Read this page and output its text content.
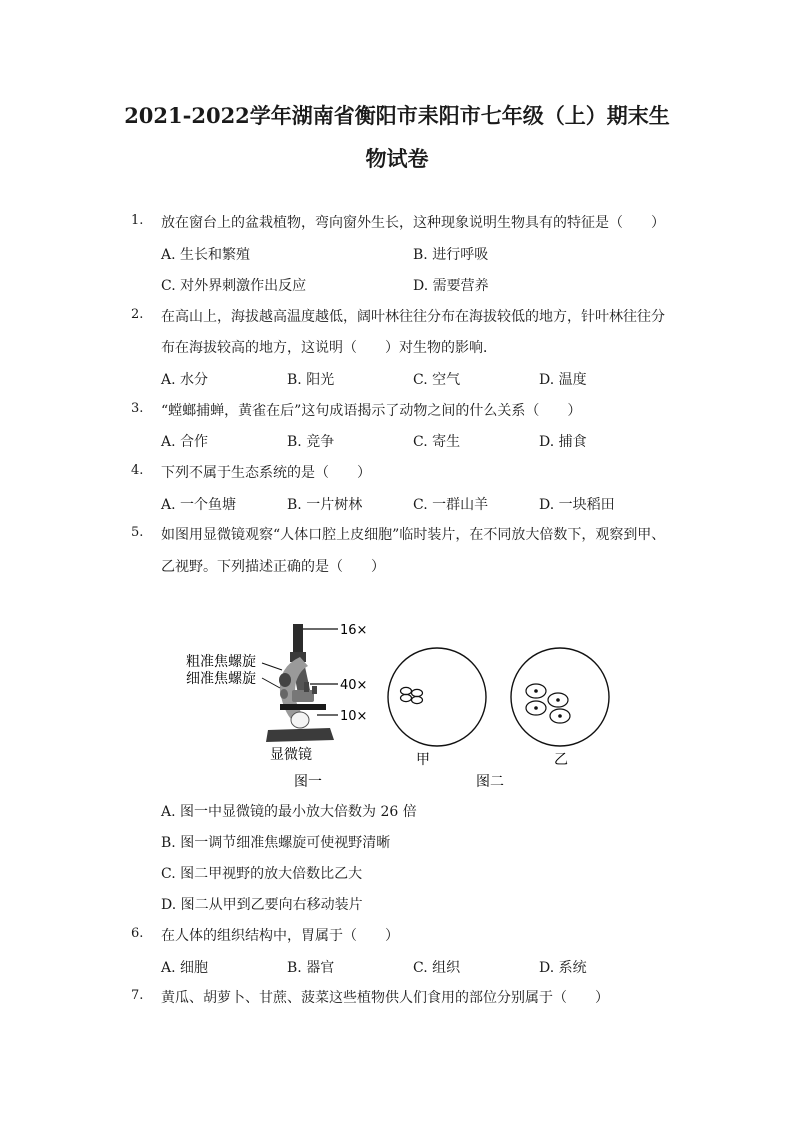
2021-2022学年湖南省衡阳市耒阳市七年级（上）期末生
物试卷
1. 放在窗台上的盆栽植物，弯向窗外生长，这种现象说明生物具有的特征是（　　）
A. 生长和繁殖	B. 进行呼吸
C. 对外界刺激作出反应	D. 需要营养
2. 在高山上，海拔越高温度越低，阔叶林往往分布在海拔较低的地方，针叶林往往分
布在海拔较高的地方，这说明（　　）对生物的影响．
A. 水分	B. 阳光	C. 空气	D. 温度
3. “螳螂捕蝉，黄雀在后”这句成语揭示了动物之间的什么关系（　　）
A. 合作	B. 竞争	C. 寄生	D. 捕食
4. 下列不属于生态系统的是（　　）
A. 一个鱼塘	B. 一片树林	C. 一群山羊	D. 一块稻田
5. 如图用显微镜观察“人体口腔上皮细胞”临时装片，在不同放大倍数下，观察到甲、
乙视野。下列描述正确的是（　　）
16×
40×
10×
粗准焦螺旋
细准焦螺旋
显微镜
图一
甲	乙
图二
A. 图一中显微镜的最小放大倍数为 26 倍
B. 图一调节细准焦螺旋可使视野清晰
C. 图二甲视野的放大倍数比乙大
D. 图二从甲到乙要向右移动装片
6. 在人体的组织结构中，胃属于（　　）
A. 细胞	B. 器官	C. 组织	D. 系统
7. 黄瓜、胡萝卜、甘蔗、菠菜这些植物供人们食用的部位分别属于（　　）
